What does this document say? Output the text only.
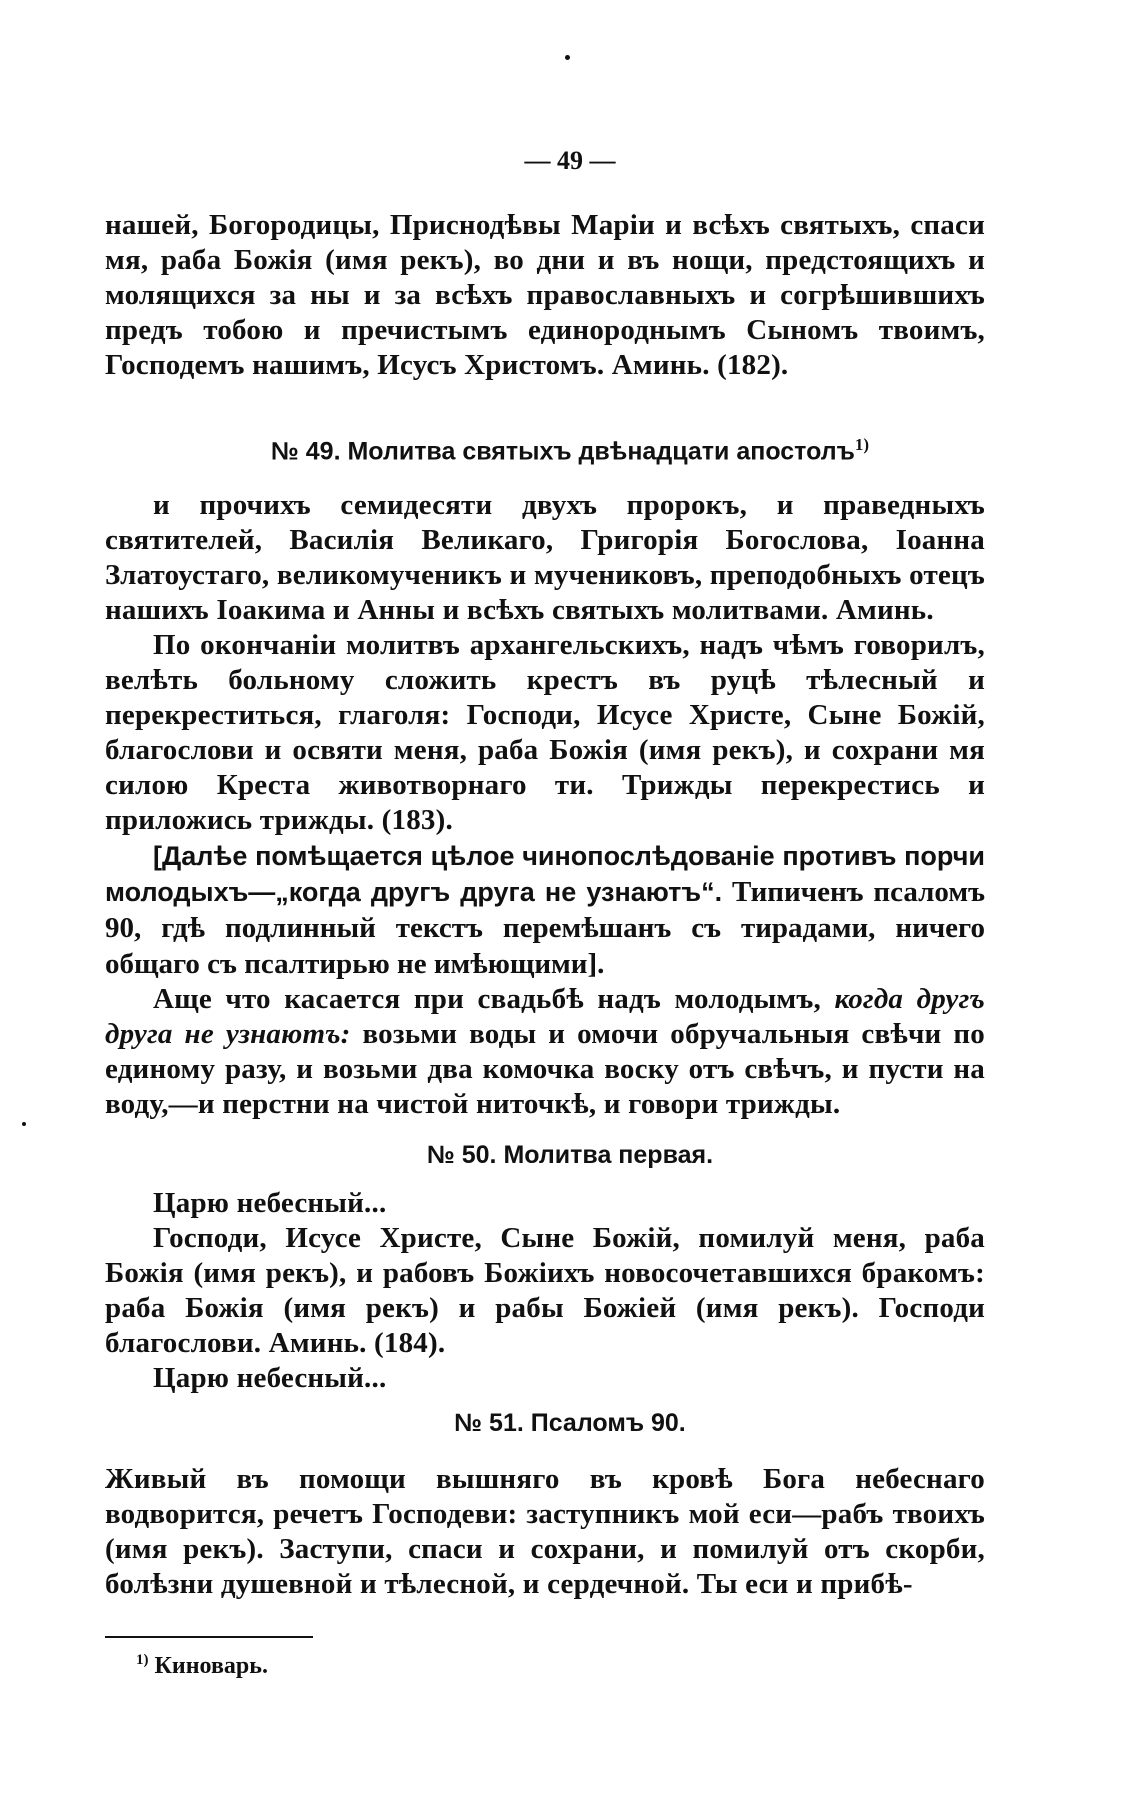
— 49 —

нашей, Богородицы, Приснодѣвы Маріи и всѣхъ святыхъ, спаси мя, раба Божія (имя рекъ), во дни и въ нощи, предстоящихъ и молящихся за ны и за всѣхъ православныхъ и согрѣшившихъ предъ тобою и пречистымъ единороднымъ Сыномъ твоимъ, Господемъ нашимъ, Исусъ Христомъ. Аминь. (182).

№ 49. Молитва святыхъ двѣнадцати апостолъ$^{1)}$

и прочихъ семидесяти двухъ пророкъ, и праведныхъ святителей, Василія Великаго, Григорія Богослова, Іоанна Златоустаго, великомученикъ и мучениковъ, преподобныхъ отецъ нашихъ Іоакима и Анны и всѣхъ святыхъ молитвами. Аминь.

По окончаніи молитвъ архангельскихъ, надъ чѣмъ говорилъ, велѣть больному сложить крестъ въ руцѣ тѣлесный и перекреститься, глаголя: Господи, Исусе Христе, Сыне Божій, благослови и освяти меня, раба Божія (имя рекъ), и сохрани мя силою Креста животворнаго ти. Трижды перекрестись и приложись трижды. (183).

[Далѣе помѣщается цѣлое чинопослѣдованіе противъ порчи молодыхъ—„когда другъ друга не узнаютъ“. Типиченъ псаломъ 90, гдѣ подлинный текстъ перемѣшанъ съ тирадами, ничего общаго съ псалтирью не имѣющими].

Аще что касается при свадьбѣ надъ молодымъ, когда другъ друга не узнаютъ: возьми воды и омочи обручальныя свѣчи по единому разу, и возьми два комочка воску отъ свѣчъ, и пусти на воду,—и перстни на чистой ниточкѣ, и говори трижды.

№ 50. Молитва первая.

Царю небесный...

Господи, Исусе Христе, Сыне Божій, помилуй меня, раба Божія (имя рекъ), и рабовъ Божіихъ новосочетавшихся бракомъ: раба Божія (имя рекъ) и рабы Божіей (имя рекъ). Господи благослови. Аминь. (184).

Царю небесный...

№ 51. Псаломъ 90.

Живый въ помощи вышняго въ кровѣ Бога небеснаго водворится, речетъ Господеви: заступникъ мой еси—рабъ твоихъ (имя рекъ). Заступи, спаси и сохрани, и помилуй отъ скорби, болѣзни душевной и тѣлесной, и сердечной. Ты еси и прибѣ-

$^{1)}$ Киноварь.
